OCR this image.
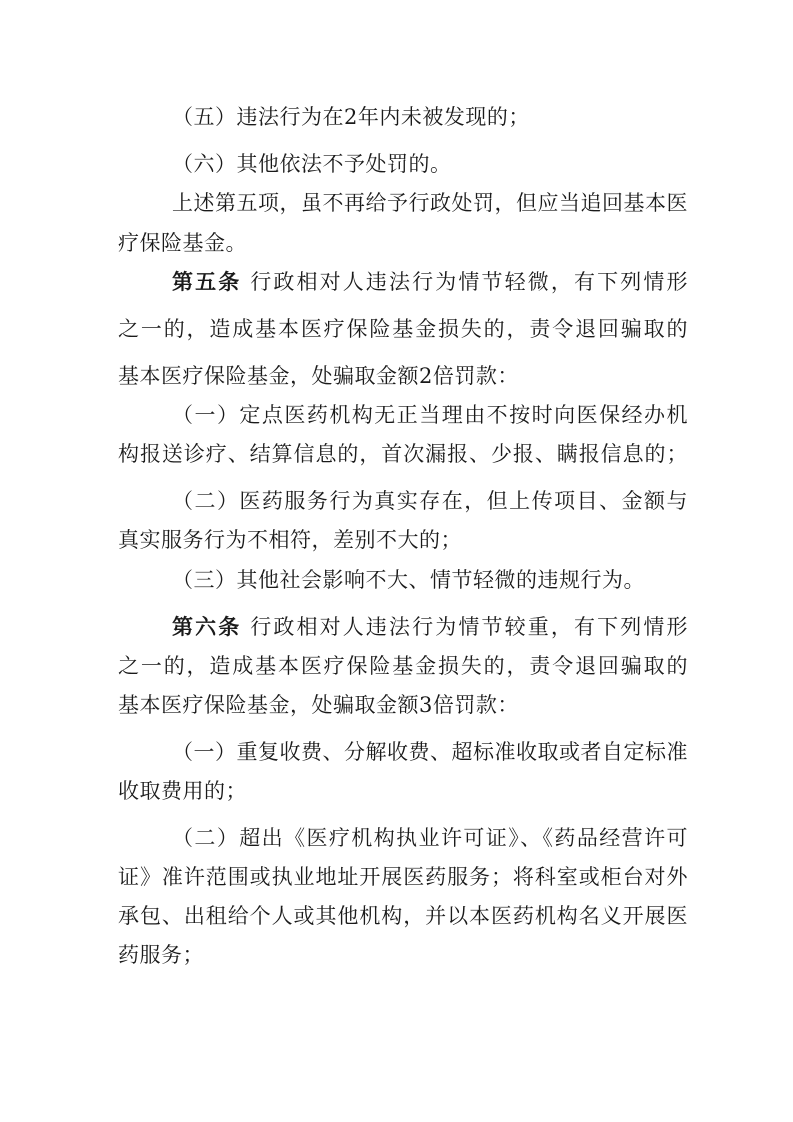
（五）违法行为在2年内未被发现的；
（六）其他依法不予处罚的。
上述第五项，虽不再给予行政处罚，但应当追回基本医
疗保险基金。
第五条 行政相对人违法行为情节轻微，有下列情形
之一的，造成基本医疗保险基金损失的，责令退回骗取的
基本医疗保险基金，处骗取金额2倍罚款：
（一）定点医药机构无正当理由不按时向医保经办机
构报送诊疗、结算信息的，首次漏报、少报、瞒报信息的；
（二）医药服务行为真实存在，但上传项目、金额与
真实服务行为不相符，差别不大的；
（三）其他社会影响不大、情节轻微的违规行为。
第六条 行政相对人违法行为情节较重，有下列情形
之一的，造成基本医疗保险基金损失的，责令退回骗取的
基本医疗保险基金，处骗取金额3倍罚款：
（一）重复收费、分解收费、超标准收取或者自定标准
收取费用的；
（二）超出《医疗机构执业许可证》、《药品经营许可
证》准许范围或执业地址开展医药服务；将科室或柜台对外
承包、出租给个人或其他机构，并以本医药机构名义开展医
药服务；
